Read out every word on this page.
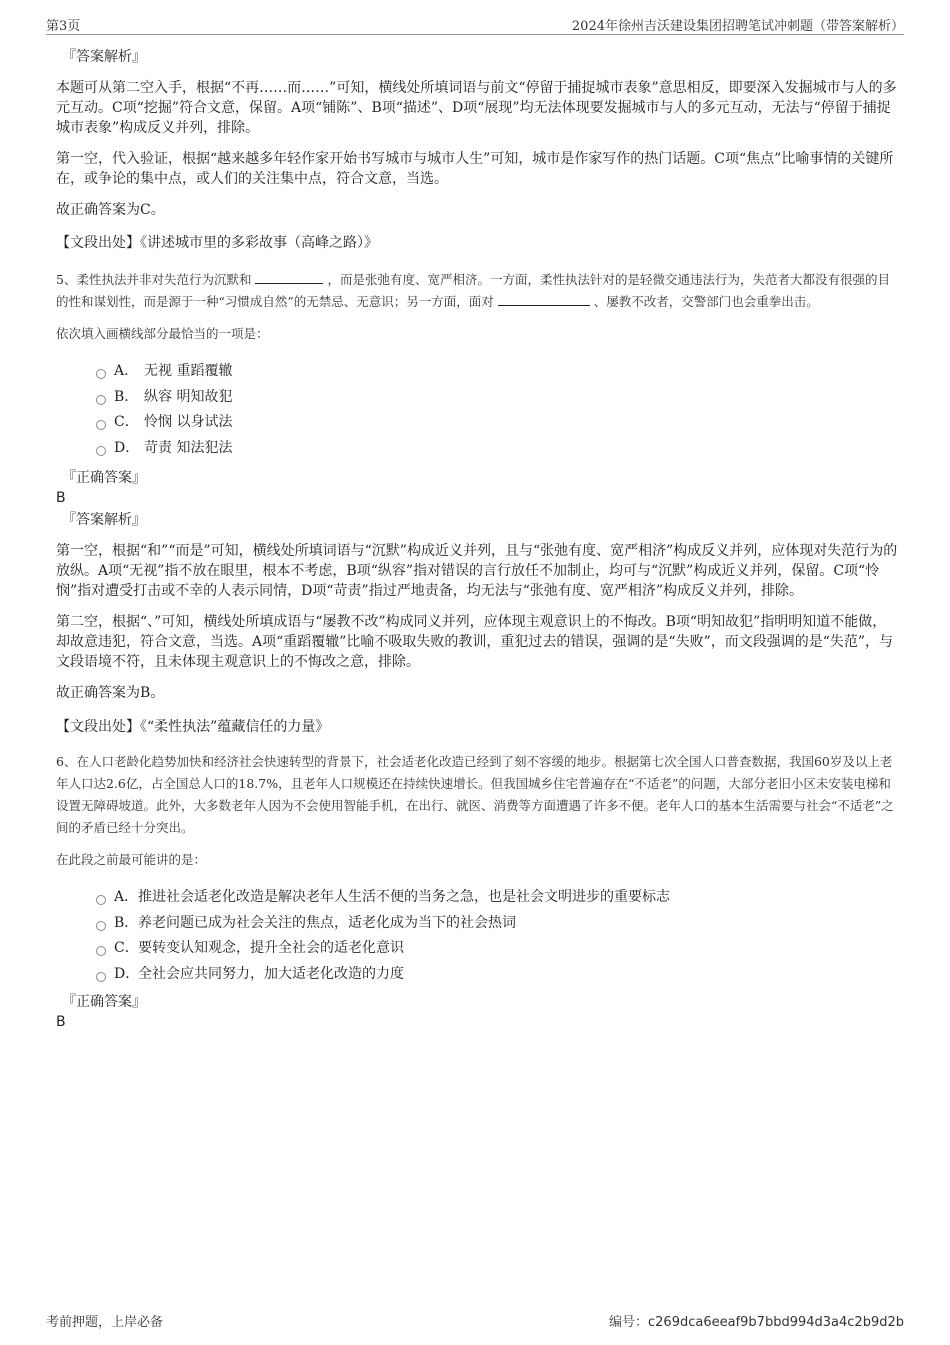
第3页	2024年徐州吉沃建设集团招聘笔试冲刺题（带答案解析）

『答案解析』

本题可从第二空入手，根据“不再……而……”可知，横线处所填词语与前文“停留于捕捉城市表象”意思相反，即要深入发掘城市与人的多元互动。C项“挖掘”符合文意，保留。A项“铺陈”、B项“描述”、D项“展现”均无法体现要发掘城市与人的多元互动，无法与“停留于捕捉城市表象”构成反义并列，排除。

第一空，代入验证，根据“越来越多年轻作家开始书写城市与城市人生”可知，城市是作家写作的热门话题。C项“焦点”比喻事情的关键所在，或争论的集中点，或人们的关注集中点，符合文意，当选。

故正确答案为C。

【文段出处】《讲述城市里的多彩故事（高峰之路）》

5、柔性执法并非对失范行为沉默和	，而是张弛有度、宽严相济。一方面，柔性执法针对的是轻微交通违法行为，失范者大都没有很强的目的性和谋划性，而是源于一种“习惯成自然”的无禁忌、无意识；另一方面，面对	、屡教不改者，交警部门也会重拳出击。

依次填入画横线部分最恰当的一项是：

A． 无视 重蹈覆辙
B． 纵容 明知故犯
C． 怜悯 以身试法
D． 苛责 知法犯法

『正确答案』

B

『答案解析』

第一空，根据“和”“而是”可知，横线处所填词语与“沉默”构成近义并列，且与“张弛有度、宽严相济”构成反义并列，应体现对失范行为的放纵。A项“无视”指不放在眼里，根本不考虑，B项“纵容”指对错误的言行放任不加制止，均可与“沉默”构成近义并列，保留。C项“怜悯”指对遭受打击或不幸的人表示同情，D项“苛责”指过严地责备，均无法与“张弛有度、宽严相济”构成反义并列，排除。

第二空，根据“、”可知，横线处所填成语与“屡教不改”构成同义并列，应体现主观意识上的不悔改。B项“明知故犯”指明明知道不能做，却故意违犯，符合文意，当选。A项“重蹈覆辙”比喻不吸取失败的教训，重犯过去的错误，强调的是“失败”，而文段强调的是“失范”，与文段语境不符，且未体现主观意识上的不悔改之意，排除。

故正确答案为B。

【文段出处】《“柔性执法”蕴藏信任的力量》

6、在人口老龄化趋势加快和经济社会快速转型的背景下，社会适老化改造已经到了刻不容缓的地步。根据第七次全国人口普查数据，我国60岁及以上老年人口达2.6亿，占全国总人口的18.7%，且老年人口规模还在持续快速增长。但我国城乡住宅普遍存在“不适老”的问题，大部分老旧小区未安装电梯和设置无障碍坡道。此外，大多数老年人因为不会使用智能手机，在出行、就医、消费等方面遭遇了许多不便。老年人口的基本生活需要与社会“不适老”之间的矛盾已经十分突出。

在此段之前最可能讲的是：

A．推进社会适老化改造是解决老年人生活不便的当务之急，也是社会文明进步的重要标志
B．养老问题已成为社会关注的焦点，适老化成为当下的社会热词
C．要转变认知观念，提升全社会的适老化意识
D．全社会应共同努力，加大适老化改造的力度

『正确答案』

B

考前押题，上岸必备	编号：c269dca6eeaf9b7bbd994d3a4c2b9d2b
